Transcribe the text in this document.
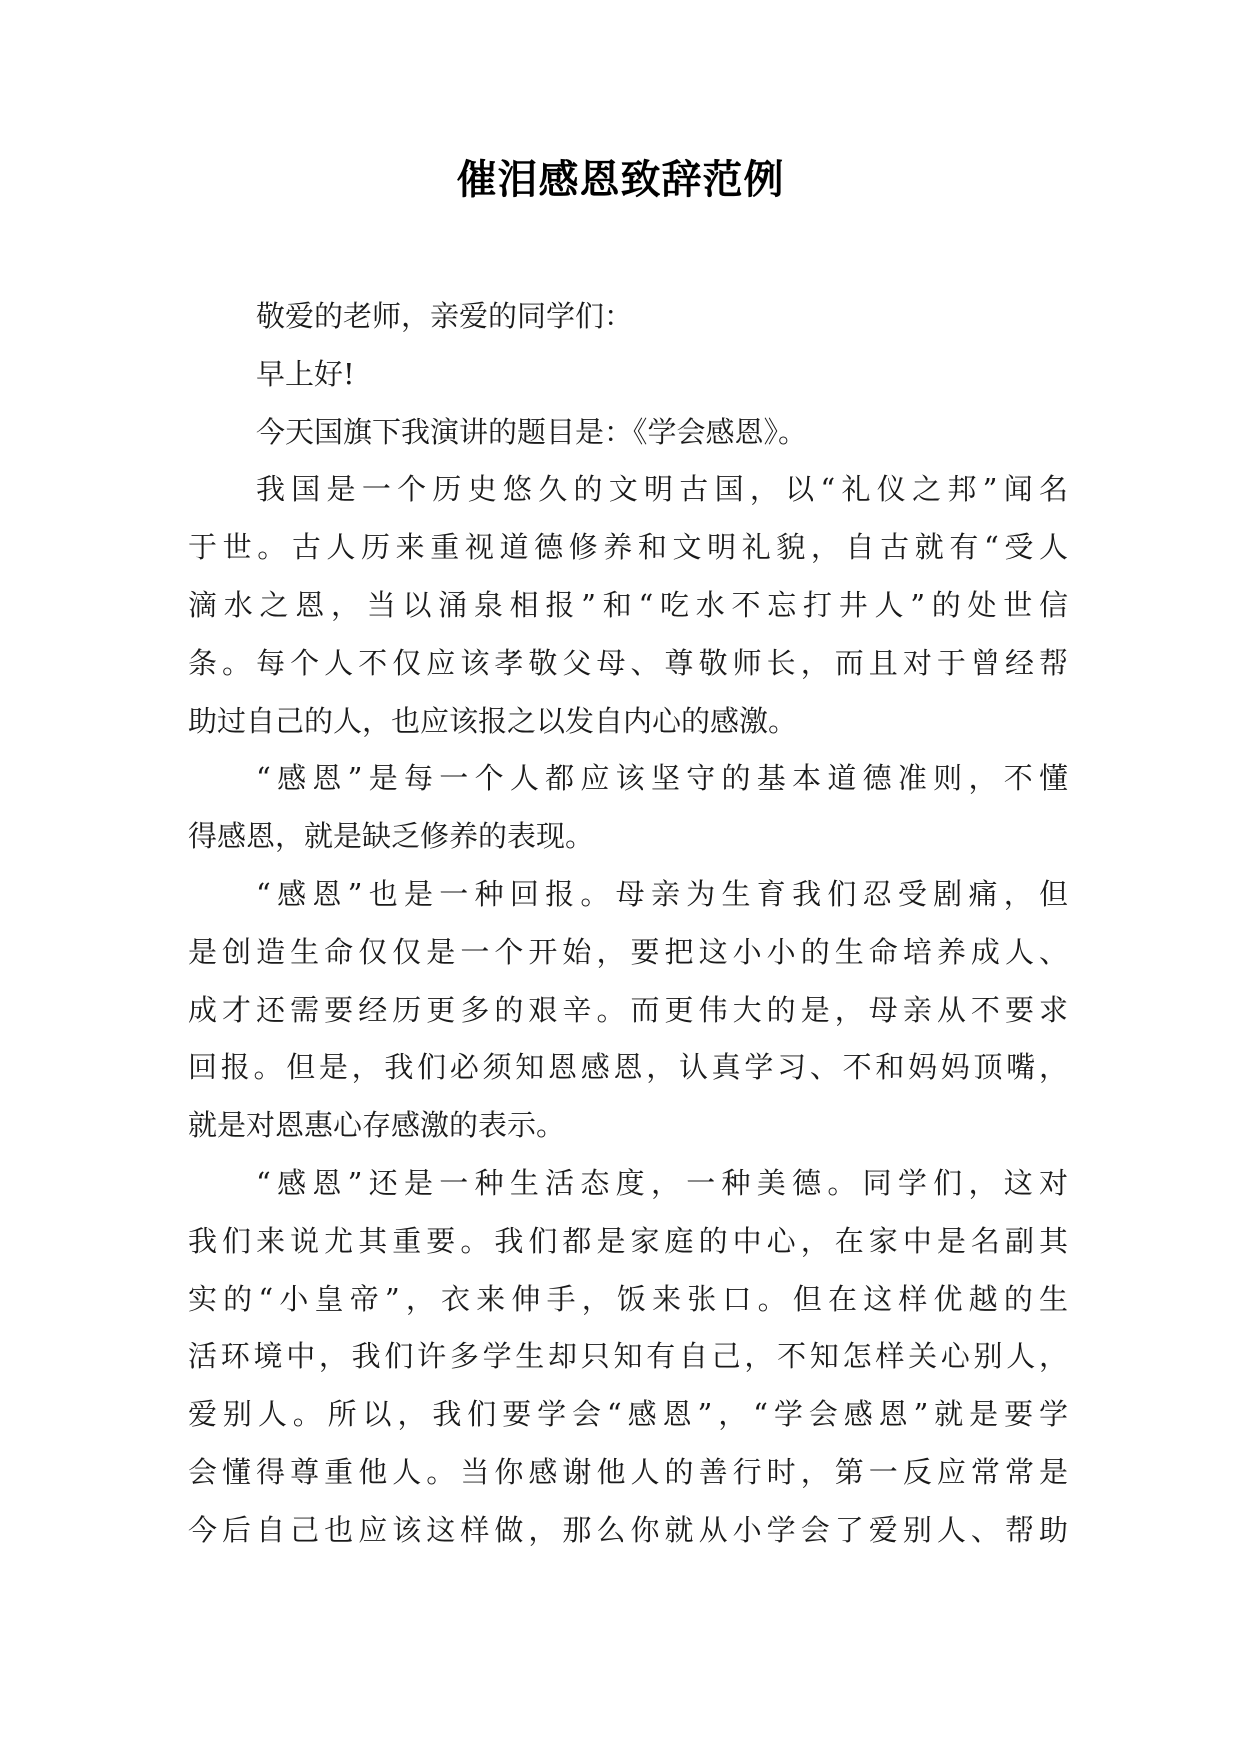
催泪感恩致辞范例
敬爱的老师，亲爱的同学们：
早上好!
今天国旗下我演讲的题目是：《学会感恩》。
我国是一个历史悠久的文明古国，以“礼仪之邦”闻名
于世。古人历来重视道德修养和文明礼貌，自古就有“受人
滴水之恩，当以涌泉相报”和“吃水不忘打井人”的处世信
条。每个人不仅应该孝敬父母、尊敬师长，而且对于曾经帮
助过自己的人，也应该报之以发自内心的感激。
“感恩”是每一个人都应该坚守的基本道德准则，不懂
得感恩，就是缺乏修养的表现。
“感恩”也是一种回报。母亲为生育我们忍受剧痛，但
是创造生命仅仅是一个开始，要把这小小的生命培养成人、
成才还需要经历更多的艰辛。而更伟大的是，母亲从不要求
回报。但是，我们必须知恩感恩，认真学习、不和妈妈顶嘴，
就是对恩惠心存感激的表示。
“感恩”还是一种生活态度，一种美德。同学们，这对
我们来说尤其重要。我们都是家庭的中心，在家中是名副其
实的“小皇帝”，衣来伸手，饭来张口。但在这样优越的生
活环境中，我们许多学生却只知有自己，不知怎样关心别人，
爱别人。所以，我们要学会“感恩”，“学会感恩”就是要学
会懂得尊重他人。当你感谢他人的善行时，第一反应常常是
今后自己也应该这样做，那么你就从小学会了爱别人、帮助
